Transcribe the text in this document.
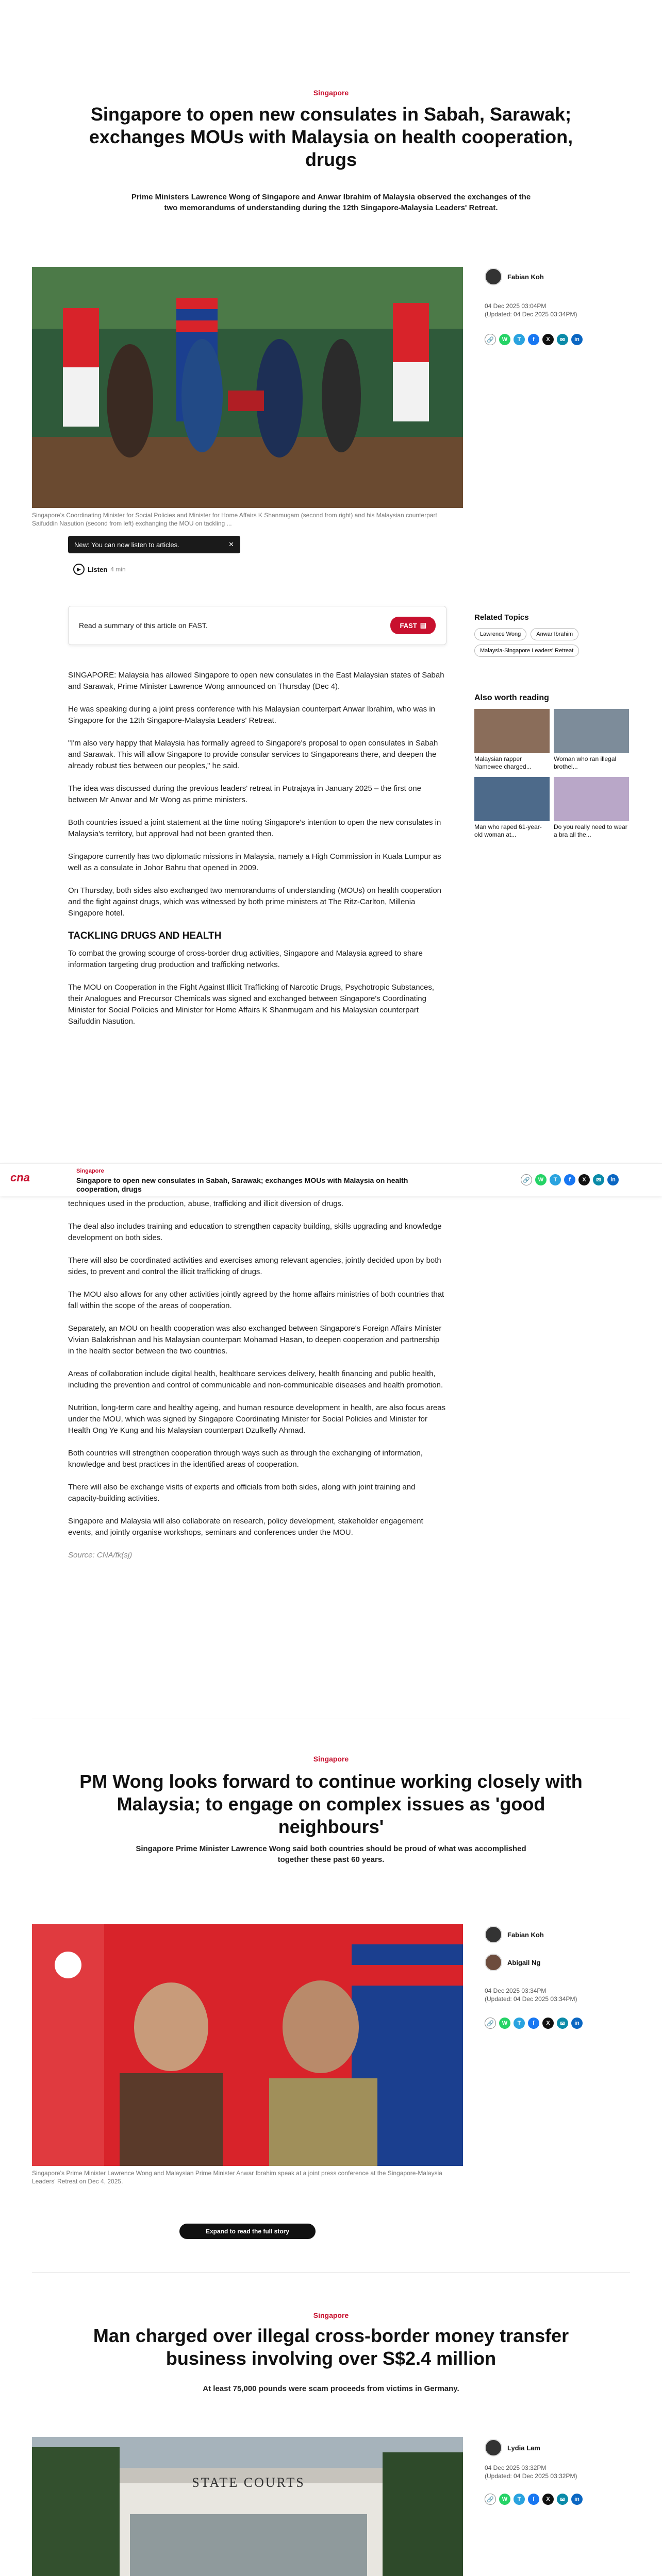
Singapore
Singapore to open new consulates in Sabah, Sarawak; exchanges MOUs with Malaysia on health cooperation, drugs
Prime Ministers Lawrence Wong of Singapore and Anwar Ibrahim of Malaysia observed the exchanges of the two memorandums of understanding during the 12th Singapore-Malaysia Leaders' Retreat.
Singapore's Coordinating Minister for Social Policies and Minister for Home Affairs K Shanmugam (second from right) and his Malaysian counterpart Saifuddin Nasution (second from left) exchanging the MOU on tackling ...
New: You can now listen to articles.	✕
▶	Listen 4 min
Fabian Koh
04 Dec 2025 03:04PM
(Updated: 04 Dec 2025 03:34PM)
🔗	W	T	f	X	✉	in
Read a summary of this article on FAST.	FAST ▤
Related Topics
Lawrence Wong	Anwar Ibrahim
Malaysia-Singapore Leaders' Retreat
Also worth reading
Malaysian rapper Namewee charged...
Woman who ran illegal brothel...
Man who raped 61-year-old woman at...
Do you really need to wear a bra all the...

SINGAPORE: Malaysia has allowed Singapore to open new consulates in the East Malaysian states of Sabah and Sarawak, Prime Minister Lawrence Wong announced on Thursday (Dec 4).

He was speaking during a joint press conference with his Malaysian counterpart Anwar Ibrahim, who was in Singapore for the 12th Singapore-Malaysia Leaders' Retreat.

"I'm also very happy that Malaysia has formally agreed to Singapore's proposal to open consulates in Sabah and Sarawak. This will allow Singapore to provide consular services to Singaporeans there, and deepen the already robust ties between our peoples," he said.

The idea was discussed during the previous leaders' retreat in Putrajaya in January 2025 – the first one between Mr Anwar and Mr Wong as prime ministers.

Both countries issued a joint statement at the time noting Singapore's intention to open the new consulates in Malaysia's territory, but approval had not been granted then.

Singapore currently has two diplomatic missions in Malaysia, namely a High Commission in Kuala Lumpur as well as a consulate in Johor Bahru that opened in 2009.

On Thursday, both sides also exchanged two memorandums of understanding (MOUs) on health cooperation and the fight against drugs, which was witnessed by both prime ministers at The Ritz-Carlton, Millenia Singapore hotel.

TACKLING DRUGS AND HEALTH

To combat the growing scourge of cross-border drug activities, Singapore and Malaysia agreed to share information targeting drug production and trafficking networks.

The MOU on Cooperation in the Fight Against Illicit Trafficking of Narcotic Drugs, Psychotropic Substances, their Analogues and Precursor Chemicals was signed and exchanged between Singapore's Coordinating Minister for Social Policies and Minister for Home Affairs K Shanmugam and his Malaysian counterpart Saifuddin Nasution.

cna	Singapore
Singapore to open new consulates in Sabah, Sarawak; exchanges MOUs with Malaysia on health cooperation, drugs
🔗	W	T	f	X	✉	in

techniques used in the production, abuse, trafficking and illicit diversion of drugs.

The deal also includes training and education to strengthen capacity building, skills upgrading and knowledge development on both sides.

There will also be coordinated activities and exercises among relevant agencies, jointly decided upon by both sides, to prevent and control the illicit trafficking of drugs.

The MOU also allows for any other activities jointly agreed by the home affairs ministries of both countries that fall within the scope of the areas of cooperation.

Separately, an MOU on health cooperation was also exchanged between Singapore's Foreign Affairs Minister Vivian Balakrishnan and his Malaysian counterpart Mohamad Hasan, to deepen cooperation and partnership in the health sector between the two countries.

Areas of collaboration include digital health, healthcare services delivery, health financing and public health, including the prevention and control of communicable and non-communicable diseases and health promotion.

Nutrition, long-term care and healthy ageing, and human resource development in health, are also focus areas under the MOU, which was signed by Singapore Coordinating Minister for Social Policies and Minister for Health Ong Ye Kung and his Malaysian counterpart Dzulkefly Ahmad.

Both countries will strengthen cooperation through ways such as through the exchanging of information, knowledge and best practices in the identified areas of cooperation.

There will also be exchange visits of experts and officials from both sides, along with joint training and capacity-building activities.

Singapore and Malaysia will also collaborate on research, policy development, stakeholder engagement events, and jointly organise workshops, seminars and conferences under the MOU.

Source: CNA/fk(sj)

Singapore
PM Wong looks forward to continue working closely with Malaysia; to engage on complex issues as 'good neighbours'
Singapore Prime Minister Lawrence Wong said both countries should be proud of what was accomplished together these past 60 years.
Singapore's Prime Minister Lawrence Wong and Malaysian Prime Minister Anwar Ibrahim speak at a joint press conference at the Singapore-Malaysia Leaders' Retreat on Dec 4, 2025.
Fabian Koh
Abigail Ng
04 Dec 2025 03:34PM
(Updated: 04 Dec 2025 03:34PM)
🔗	W	T	f	X	✉	in
Expand to read the full story
Singapore
Man charged over illegal cross-border money transfer business involving over S$2.4 million
At least 75,000 pounds were scam proceeds from victims in Germany.
STATE COURTS
Lydia Lam
04 Dec 2025 03:32PM
(Updated: 04 Dec 2025 03:32PM)
🔗	W	T	f	X	✉	in
